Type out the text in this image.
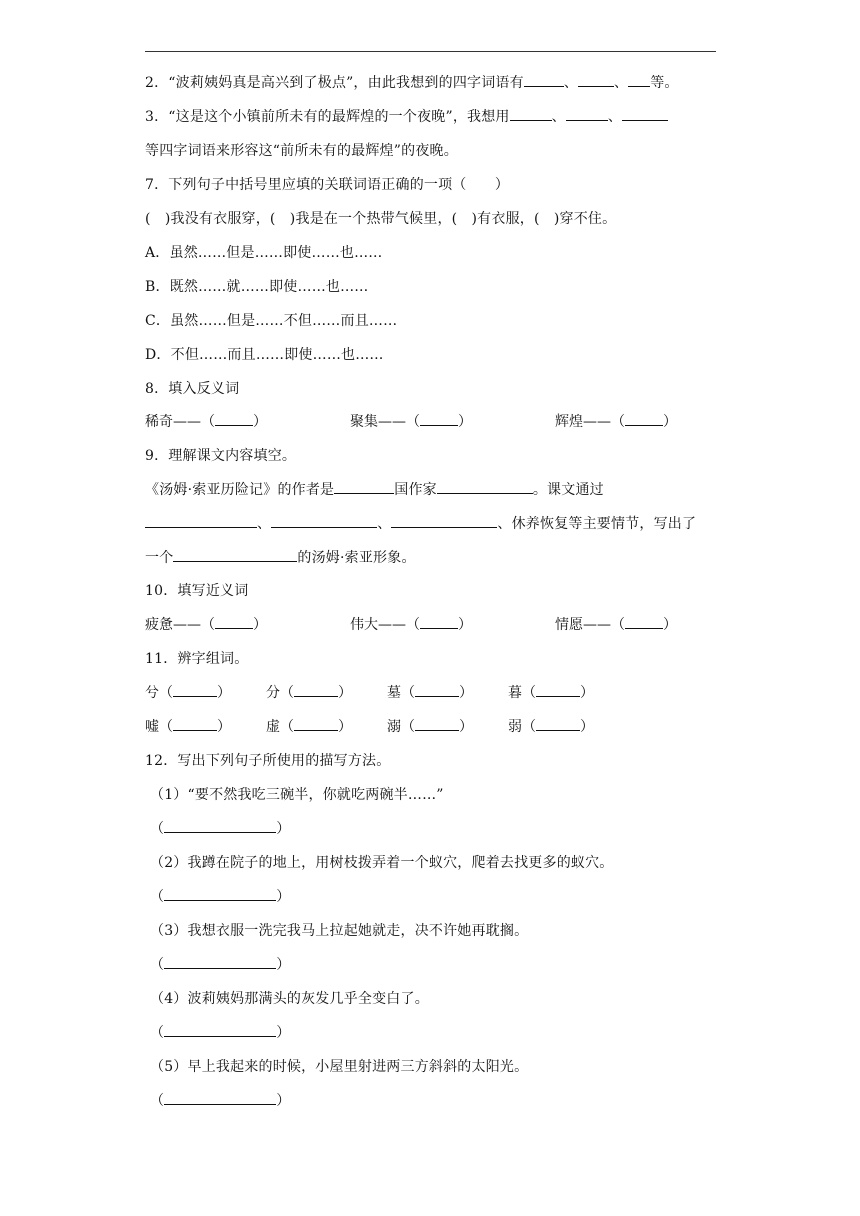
2．“波莉姨妈真是高兴到了极点”，由此我想到的四字词语有	、	、 等。
3．“这是这个小镇前所未有的最辉煌的一个夜晚”，我想用	、	、
等四字词语来形容这“前所未有的最辉煌”的夜晚。
7．下列句子中括号里应填的关联词语正确的一项（　　）
(　)我没有衣服穿，(　)我是在一个热带气候里，(　)有衣服，(　)穿不住。
A．虽然……但是……即使……也……
B．既然……就……即使……也……
C．虽然……但是……不但……而且……
D．不但……而且……即使……也……
8．填入反义词
稀奇——（	）	聚集——（	）	辉煌——（	）
9．理解课文内容填空。
《汤姆·索亚历险记》的作者是	国作家	。课文通过
、	、	、休养恢复等主要情节，写出了
一个	的汤姆·索亚形象。
10．填写近义词
疲惫——（	）	伟大——（	）	情愿——（	）
11．辨字组词。
兮（	）	分（	）	墓（	）	暮（	）
嘘（	）	虚（	）	溺（	）	弱（	）
12．写出下列句子所使用的描写方法。
（1）“要不然我吃三碗半，你就吃两碗半……”
（	）
（2）我蹲在院子的地上，用树枝拨弄着一个蚁穴，爬着去找更多的蚁穴。
（	）
（3）我想衣服一洗完我马上拉起她就走，决不许她再耽搁。
（	）
（4）波莉姨妈那满头的灰发几乎全变白了。
（	）
（5）早上我起来的时候，小屋里射进两三方斜斜的太阳光。
（	）
